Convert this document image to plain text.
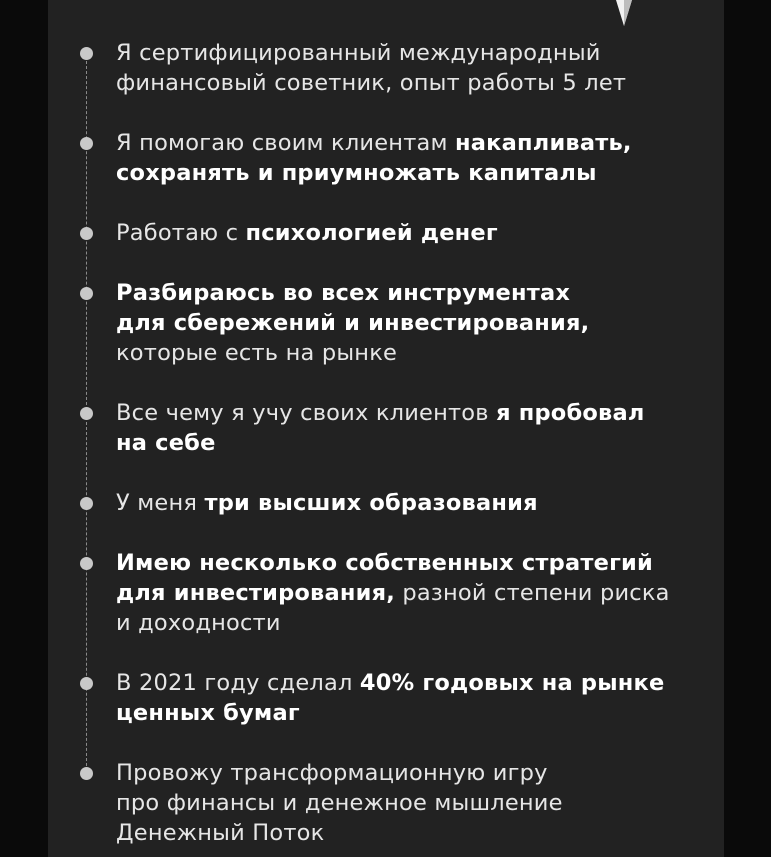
Я сертифицированный международный
финансовый советник, опыт работы 5 лет
Я помогаю своим клиентам накапливать,
сохранять и приумножать капиталы
Работаю с психологией денег
Разбираюсь во всех инструментах
для сбережений и инвестирования,
которые есть на рынке
Все чему я учу своих клиентов я пробовал
на себе
У меня три высших образования
Имею несколько собственных стратегий
для инвестирования, разной степени риска
и доходности
В 2021 году сделал 40% годовых на рынке
ценных бумаг
Провожу трансформационную игру
про финансы и денежное мышление
Денежный Поток
